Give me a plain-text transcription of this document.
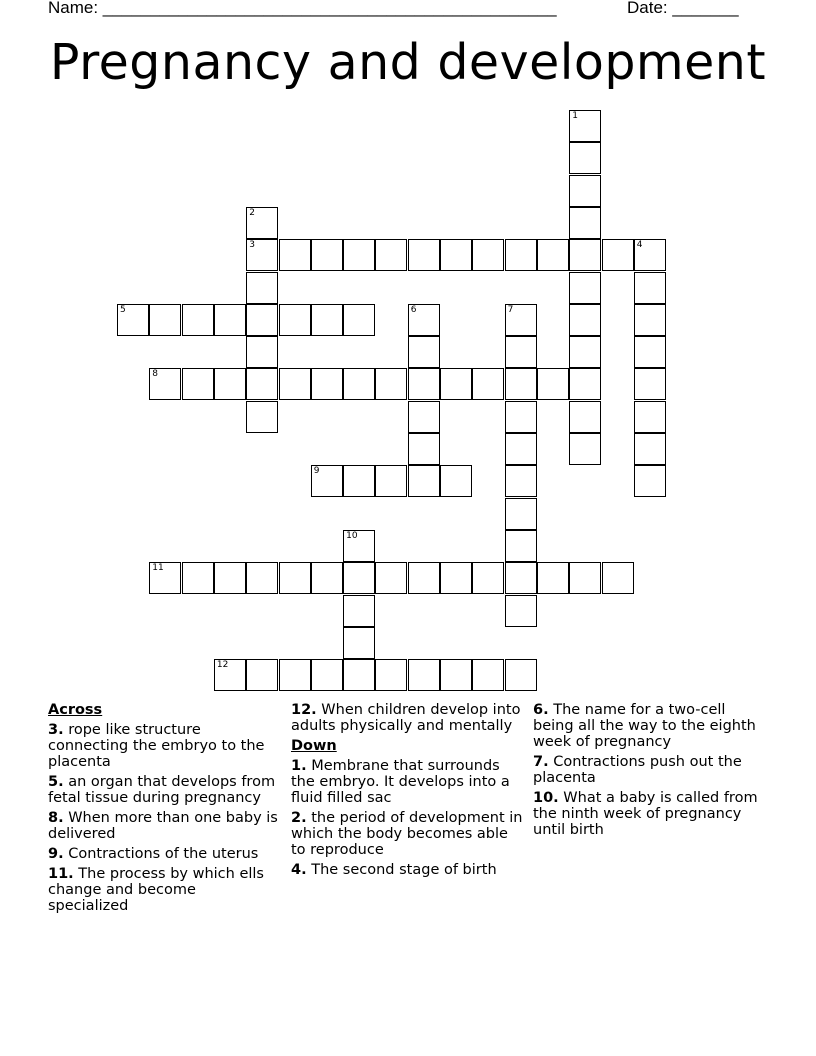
Name: ________________________________________________	Date: _______
Pregnancy and development
1
2
3	4
5	6	7
8
9
10
11
12
Across
3. rope like structure connecting the embryo to the placenta
5. an organ that develops from fetal tissue during pregnancy
8. When more than one baby is delivered
9. Contractions of the uterus
11. The process by which ells change and become specialized
12. When children develop into adults physically and mentally
Down
1. Membrane that surrounds the embryo. It develops into a fluid filled sac
2. the period of development in which the body becomes able to reproduce
4. The second stage of birth
6. The name for a two-cell being all the way to the eighth week of pregnancy
7. Contractions push out the placenta
10. What a baby is called from the ninth week of pregnancy until birth
